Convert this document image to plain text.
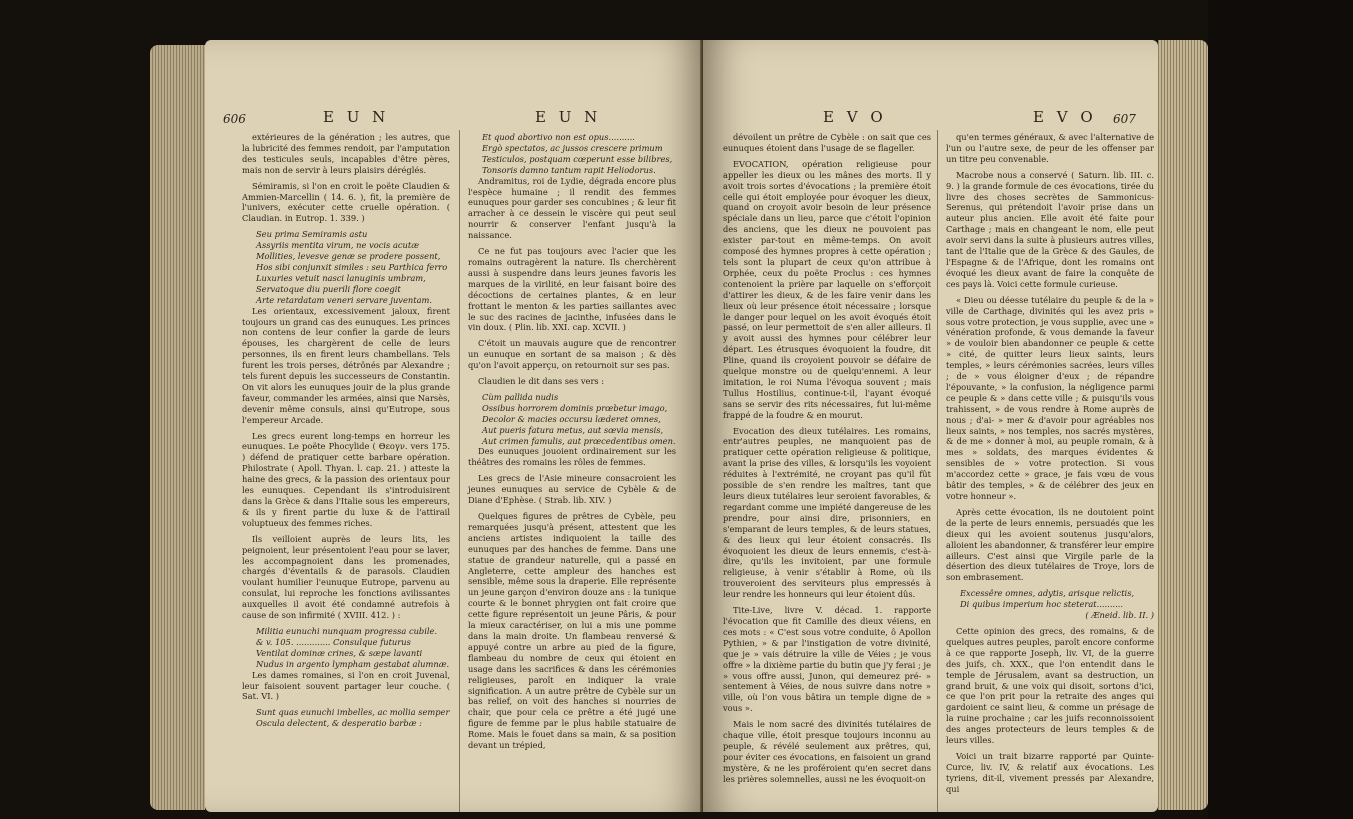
606	E U N	E U N

extérieures de la génération ; les autres, que la lubricité des femmes rendoit, par l'amputation des testicules seuls, incapables d'être pères, mais non de servir à leurs plaisirs déréglés.

Sémiramis, si l'on en croit le poëte Claudien & Ammien-Marcellin ( 14. 6. ), fit, la première de l'univers, exécuter cette cruelle opération. ( Claudian. in Eutrop. 1. 339. )

Seu prima Semiramis astu

Assyriis mentita virum, ne vocis acutæ

Mollities, levesve genæ se prodere possent,

Hos sibi conjunxit similes : seu Parthica ferro

Luxuries vetuit nasci lanuginis umbram,

Servatoque diu puerili flore coegit

Arte retardatam veneri servare juventam.

Les orientaux, excessivement jaloux, firent toujours un grand cas des eunuques. Les princes non contens de leur confier la garde de leurs épouses, les chargèrent de celle de leurs personnes, ils en firent leurs chambellans. Tels furent les trois perses, détrônés par Alexandre ; tels furent depuis les successeurs de Constantin. On vit alors les eunuques jouir de la plus grande faveur, commander les armées, ainsi que Narsès, devenir même consuls, ainsi qu'Eutrope, sous l'empereur Arcade.

Les grecs eurent long-temps en horreur les eunuques. Le poëte Phocylide ( Θεογν. vers 175. ) défend de pratiquer cette barbare opération. Philostrate ( Apoll. Thyan. l. cap. 21. ) atteste la haine des grecs, & la passion des orientaux pour les eunuques. Cependant ils s'introduisirent dans la Grèce & dans l'Italie sous les empereurs, & ils y firent partie du luxe & de l'attirail voluptueux des femmes riches.

Ils veilloient auprès de leurs lits, les peignoient, leur présentoient l'eau pour se laver, les accompagnoient dans les promenades, chargés d'éventails & de parasols. Claudien voulant humilier l'eunuque Eutrope, parvenu au consulat, lui reproche les fonctions avilissantes auxquelles il avoit été condamné autrefois à cause de son infirmité ( XVIII. 412. ) :

Militia eunuchi nunquam progressa cubile.

& v. 105. ............. Consulque futurus

Ventilat dominæ crines, & sæpe lavanti

Nudus in argento lympham gestabat alumnæ.

Les dames romaines, si l'on en croit Juvenal, leur faisoient souvent partager leur couche. ( Sat. VI. )

Sunt quas eunuchi imbelles, ac mollia semper

Oscula delectent, & desperatio barbæ :

Et quod abortivo non est opus..........

Ergò spectatos, ac jussos crescere primum

Testiculos, postquam cœperunt esse bilibres,

Tonsoris damno tantum rapit Heliodorus.

Andramitus, roi de Lydie, dégrada encore plus l'espèce humaine ; il rendit des femmes eunuques pour garder ses concubines ; & leur fit arracher à ce dessein le viscère qui peut seul nourrir & conserver l'enfant jusqu'à la naissance.

Ce ne fut pas toujours avec l'acier que les romains outragèrent la nature. Ils cherchèrent aussi à suspendre dans leurs jeunes favoris les marques de la virilité, en leur faisant boire des décoctions de certaines plantes, & en leur frottant le menton & les parties saillantes avec le suc des racines de jacinthe, infusées dans le vin doux. ( Plin. lib. XXI. cap. XCVII. )

C'étoit un mauvais augure que de rencontrer un eunuque en sortant de sa maison ; & dès qu'on l'avoit apperçu, on retournoit sur ses pas.

Claudien le dit dans ses vers :

Cùm pallida nudis

Ossibus horrorem dominis prœbetur imago,

Decolor & macies occursu læderet omnes,

Aut pueris fatura metus, aut sœvia mensis,

Aut crimen famulis, aut prœcedentibus omen.

Des eunuques jouoient ordinairement sur les théâtres des romains les rôles de femmes.

Les grecs de l'Asie mineure consacroient les jeunes eunuques au service de Cybèle & de Diane d'Ephèse. ( Strab. lib. XIV. )

Quelques figures de prêtres de Cybèle, peu remarquées jusqu'à présent, attestent que les anciens artistes indiquoient la taille des eunuques par des hanches de femme. Dans une statue de grandeur naturelle, qui a passé en Angleterre, cette ampleur des hanches est sensible, même sous la draperie. Elle représente un jeune garçon d'environ douze ans : la tunique courte & le bonnet phrygien ont fait croire que cette figure représentoit un jeune Pâris, & pour la mieux caractériser, on lui a mis une pomme dans la main droite. Un flambeau renversé & appuyé contre un arbre au pied de la figure, flambeau du nombre de ceux qui étoient en usage dans les sacrifices & dans les cérémonies religieuses, paroît en indiquer la vraie signification. A un autre prêtre de Cybèle sur un bas relief, on voit des hanches si nourries de chair, que pour cela ce prêtre a été jugé une figure de femme par le plus habile statuaire de Rome. Mais le fouet dans sa main, & sa position devant un trépied,

E V O	E V O 607

dévoilent un prêtre de Cybèle : on sait que ces eunuques étoient dans l'usage de se flageller.

EVOCATION, opération religieuse pour appeller les dieux ou les mânes des morts. Il y avoit trois sortes d'évocations ; la première étoit celle qui étoit employée pour évoquer les dieux, quand on croyoit avoir besoin de leur présence spéciale dans un lieu, parce que c'étoit l'opinion des anciens, que les dieux ne pouvoient pas exister par-tout en même-temps. On avoit composé des hymnes propres à cette opération ; tels sont la plupart de ceux qu'on attribue à Orphée, ceux du poëte Proclus : ces hymnes contenoient la prière par laquelle on s'efforçoit d'attirer les dieux, & de les faire venir dans les lieux où leur présence étoit nécessaire ; lorsque le danger pour lequel on les avoit évoqués étoit passé, on leur permettoit de s'en aller ailleurs. Il y avoit aussi des hymnes pour célébrer leur départ. Les étrusques évoquoient la foudre, dit Pline, quand ils croyoient pouvoir se défaire de quelque monstre ou de quelqu'ennemi. A leur imitation, le roi Numa l'évoqua souvent ; mais Tullus Hostilius, continue-t-il, l'ayant évoqué sans se servir des rits nécessaires, fut lui-même frappé de la foudre & en mourut.

Evocation des dieux tutélaires. Les romains, entr'autres peuples, ne manquoient pas de pratiquer cette opération religieuse & politique, avant la prise des villes, & lorsqu'ils les voyoient réduites à l'extrémité, ne croyant pas qu'il fût possible de s'en rendre les maîtres, tant que leurs dieux tutélaires leur seroient favorables, & regardant comme une impiété dangereuse de les prendre, pour ainsi dire, prisonniers, en s'emparant de leurs temples, & de leurs statues, & des lieux qui leur étoient consacrés. Ils évoquoient les dieux de leurs ennemis, c'est-à-dire, qu'ils les invitoient, par une formule religieuse, à venir s'établir à Rome, où ils trouveroient des serviteurs plus empressés à leur rendre les honneurs qui leur étoient dûs.

Tite-Live, livre V. décad. 1. rapporte l'évocation que fit Camille des dieux véiens, en ces mots : « C'est sous votre conduite, ô Apollon Pythien, » & par l'instigation de votre divinité, que je » vais détruire la ville de Véies ; je vous offre » la dixième partie du butin que j'y ferai ; je » vous offre aussi, Junon, qui demeurez pré- » sentement à Véies, de nous suivre dans notre » ville, où l'on vous bâtira un temple digne de » vous ».

Mais le nom sacré des divinités tutélaires de chaque ville, étoit presque toujours inconnu au peuple, & révélé seulement aux prêtres, qui, pour éviter ces évocations, en faisoient un grand mystère, & ne les proféroient qu'en secret dans les prières solemnelles, aussi ne les évoquoit-on

qu'en termes généraux, & avec l'alternative de l'un ou l'autre sexe, de peur de les offenser par un titre peu convenable.

Macrobe nous a conservé ( Saturn. lib. III. c. 9. ) la grande formule de ces évocations, tirée du livre des choses secrètes de Sammonicus-Serenus, qui prétendoit l'avoir prise dans un auteur plus ancien. Elle avoit été faite pour Carthage ; mais en changeant le nom, elle peut avoir servi dans la suite à plusieurs autres villes, tant de l'Italie que de la Grèce & des Gaules, de l'Espagne & de l'Afrique, dont les romains ont évoqué les dieux avant de faire la conquête de ces pays là. Voici cette formule curieuse.

« Dieu ou déesse tutélaire du peuple & de la » ville de Carthage, divinités qui les avez pris » sous votre protection, je vous supplie, avec une » vénération profonde, & vous demande la faveur » de vouloir bien abandonner ce peuple & cette » cité, de quitter leurs lieux saints, leurs temples, » leurs cérémonies sacrées, leurs villes ; de » vous éloigner d'eux ; de répandre l'épouvante, » la confusion, la négligence parmi ce peuple & » dans cette ville ; & puisqu'ils vous trahissent, » de vous rendre à Rome auprès de nous ; d'ai- » mer & d'avoir pour agréables nos lieux saints, » nos temples, nos sacrés mystères, & de me » donner à moi, au peuple romain, & à mes » soldats, des marques évidentes & sensibles de » votre protection. Si vous m'accordez cette » grace, je fais vœu de vous bâtir des temples, » & de célébrer des jeux en votre honneur ».

Après cette évocation, ils ne doutoient point de la perte de leurs ennemis, persuadés que les dieux qui les avoient soutenus jusqu'alors, alloient les abandonner, & transférer leur empire ailleurs. C'est ainsi que Virgile parle de la désertion des dieux tutélaires de Troye, lors de son embrasement.

Excessêre omnes, adytis, arisque relictis,

Di quibus imperium hoc steterat..........

( Æneid. lib. II. )

Cette opinion des grecs, des romains, & de quelques autres peuples, paroît encore conforme à ce que rapporte Joseph, liv. VI, de la guerre des juifs, ch. XXX., que l'on entendit dans le temple de Jérusalem, avant sa destruction, un grand bruit, & une voix qui disoit, sortons d'ici, ce que l'on prit pour la retraite des anges qui gardoient ce saint lieu, & comme un présage de la ruine prochaine ; car les juifs reconnoissoient des anges protecteurs de leurs temples & de leurs villes.

Voici un trait bizarre rapporté par Quinte-Curce, liv. IV, & relatif aux évocations. Les tyriens, dit-il, vivement pressés par Alexandre, qui
